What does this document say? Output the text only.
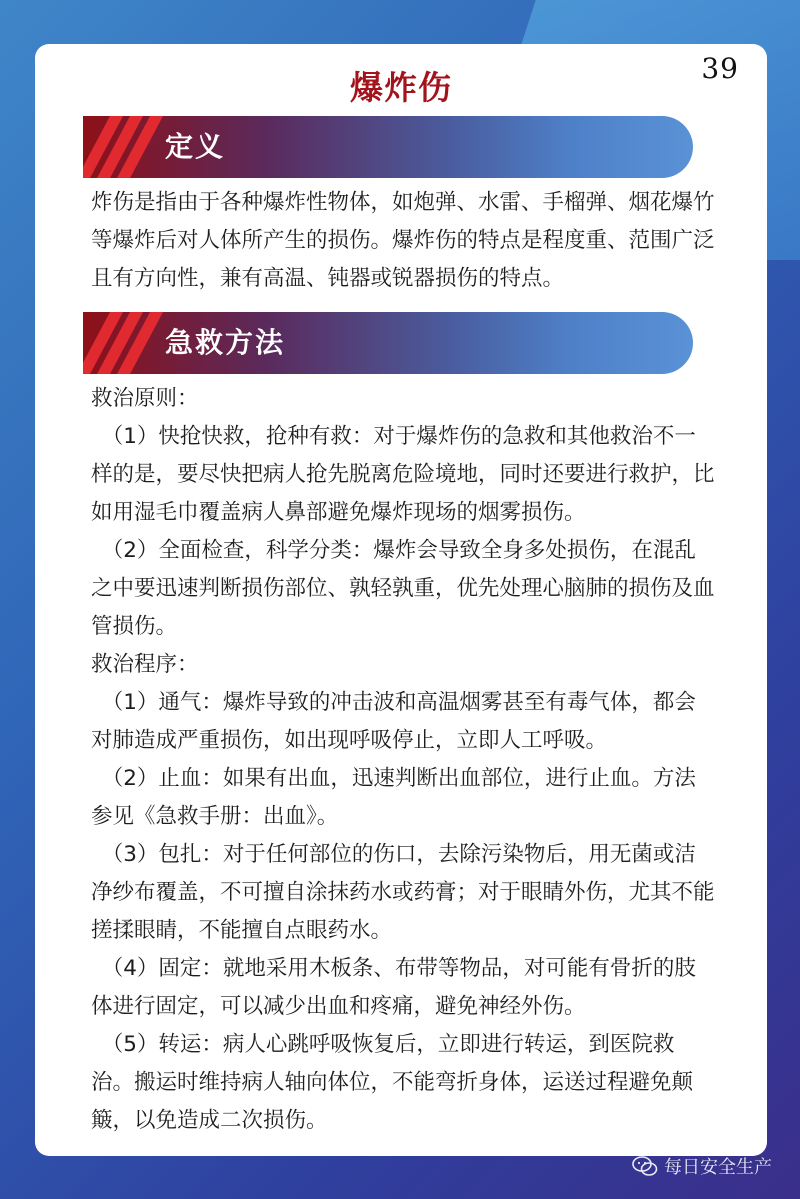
39
爆炸伤
定义

炸伤是指由于各种爆炸性物体，如炮弹、水雷、手榴弹、烟花爆竹等爆炸后对人体所产生的损伤。爆炸伤的特点是程度重、范围广泛且有方向性，兼有高温、钝器或锐器损伤的特点。

急救方法

救治原则：

（1）快抢快救，抢种有救：对于爆炸伤的急救和其他救治不一样的是，要尽快把病人抢先脱离危险境地，同时还要进行救护，比如用湿毛巾覆盖病人鼻部避免爆炸现场的烟雾损伤。

（2）全面检查，科学分类：爆炸会导致全身多处损伤，在混乱之中要迅速判断损伤部位、孰轻孰重，优先处理心脑肺的损伤及血管损伤。

救治程序：

（1）通气：爆炸导致的冲击波和高温烟雾甚至有毒气体，都会对肺造成严重损伤，如出现呼吸停止，立即人工呼吸。

（2）止血：如果有出血，迅速判断出血部位，进行止血。方法参见《急救手册：出血》。

（3）包扎：对于任何部位的伤口，去除污染物后，用无菌或洁净纱布覆盖，不可擅自涂抹药水或药膏；对于眼睛外伤，尤其不能搓揉眼睛，不能擅自点眼药水。

（4）固定：就地采用木板条、布带等物品，对可能有骨折的肢体进行固定，可以减少出血和疼痛，避免神经外伤。

（5）转运：病人心跳呼吸恢复后，立即进行转运，到医院救治。搬运时维持病人轴向体位，不能弯折身体，运送过程避免颠簸，以免造成二次损伤。

每日安全生产
